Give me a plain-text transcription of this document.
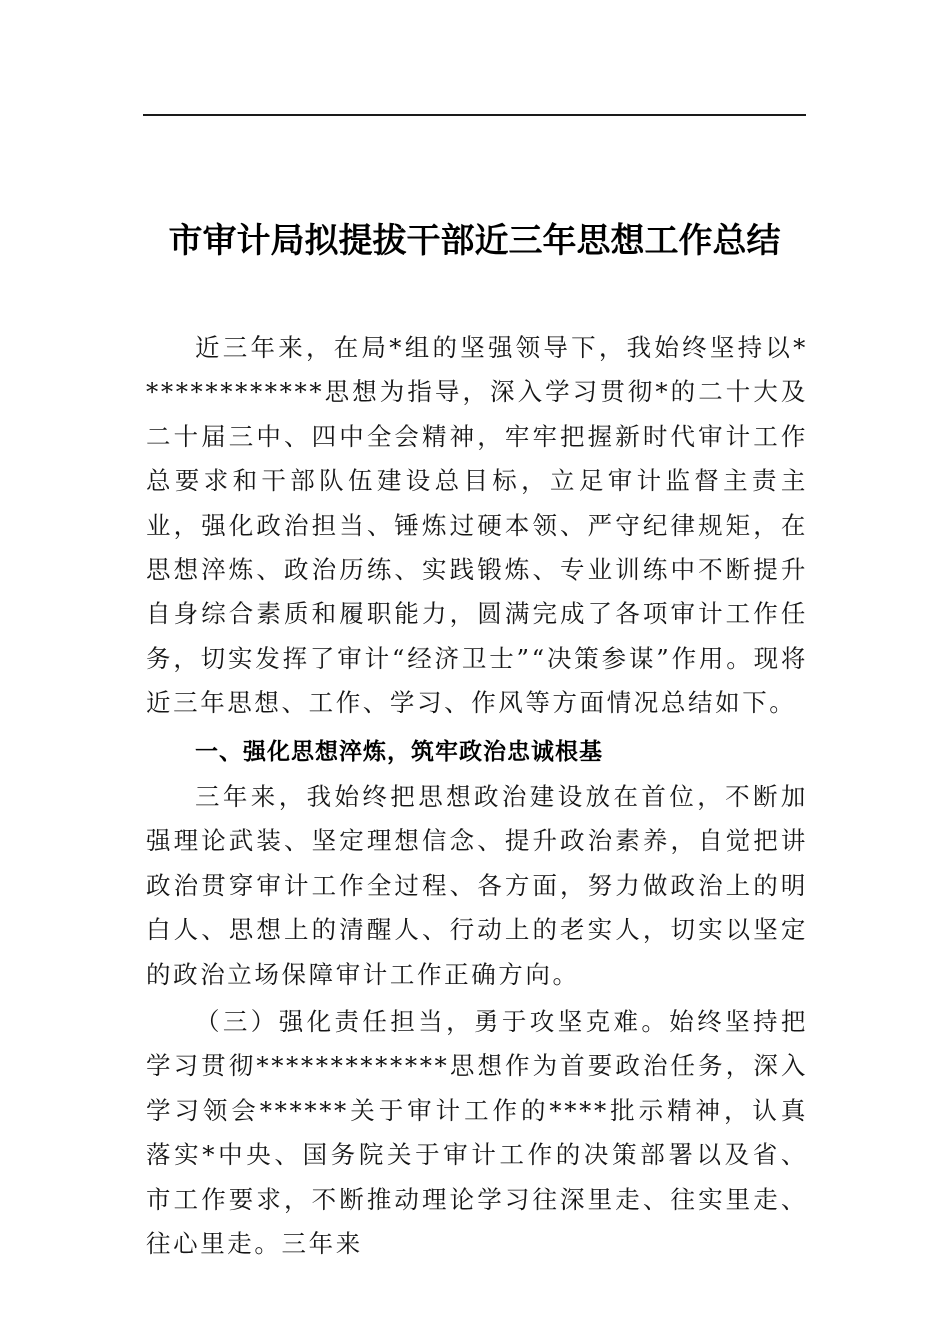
市审计局拟提拔干部近三年思想工作总结

近三年来，在局*组的坚强领导下，我始终坚持以*************思想为指导，深入学习贯彻*的二十大及二十届三中、四中全会精神，牢牢把握新时代审计工作总要求和干部队伍建设总目标，立足审计监督主责主业，强化政治担当、锤炼过硬本领、严守纪律规矩，在思想淬炼、政治历练、实践锻炼、专业训练中不断提升自身综合素质和履职能力，圆满完成了各项审计工作任务，切实发挥了审计“经济卫士”“决策参谋”作用。现将近三年思想、工作、学习、作风等方面情况总结如下。

一、强化思想淬炼，筑牢政治忠诚根基

三年来，我始终把思想政治建设放在首位，不断加强理论武装、坚定理想信念、提升政治素养，自觉把讲政治贯穿审计工作全过程、各方面，努力做政治上的明白人、思想上的清醒人、行动上的老实人，切实以坚定的政治立场保障审计工作正确方向。

（三）强化责任担当，勇于攻坚克难。始终坚持把学习贯彻*************思想作为首要政治任务，深入学习领会******关于审计工作的****批示精神，认真落实*中央、国务院关于审计工作的决策部署以及省、市工作要求，不断推动理论学习往深里走、往实里走、往心里走。三年来
